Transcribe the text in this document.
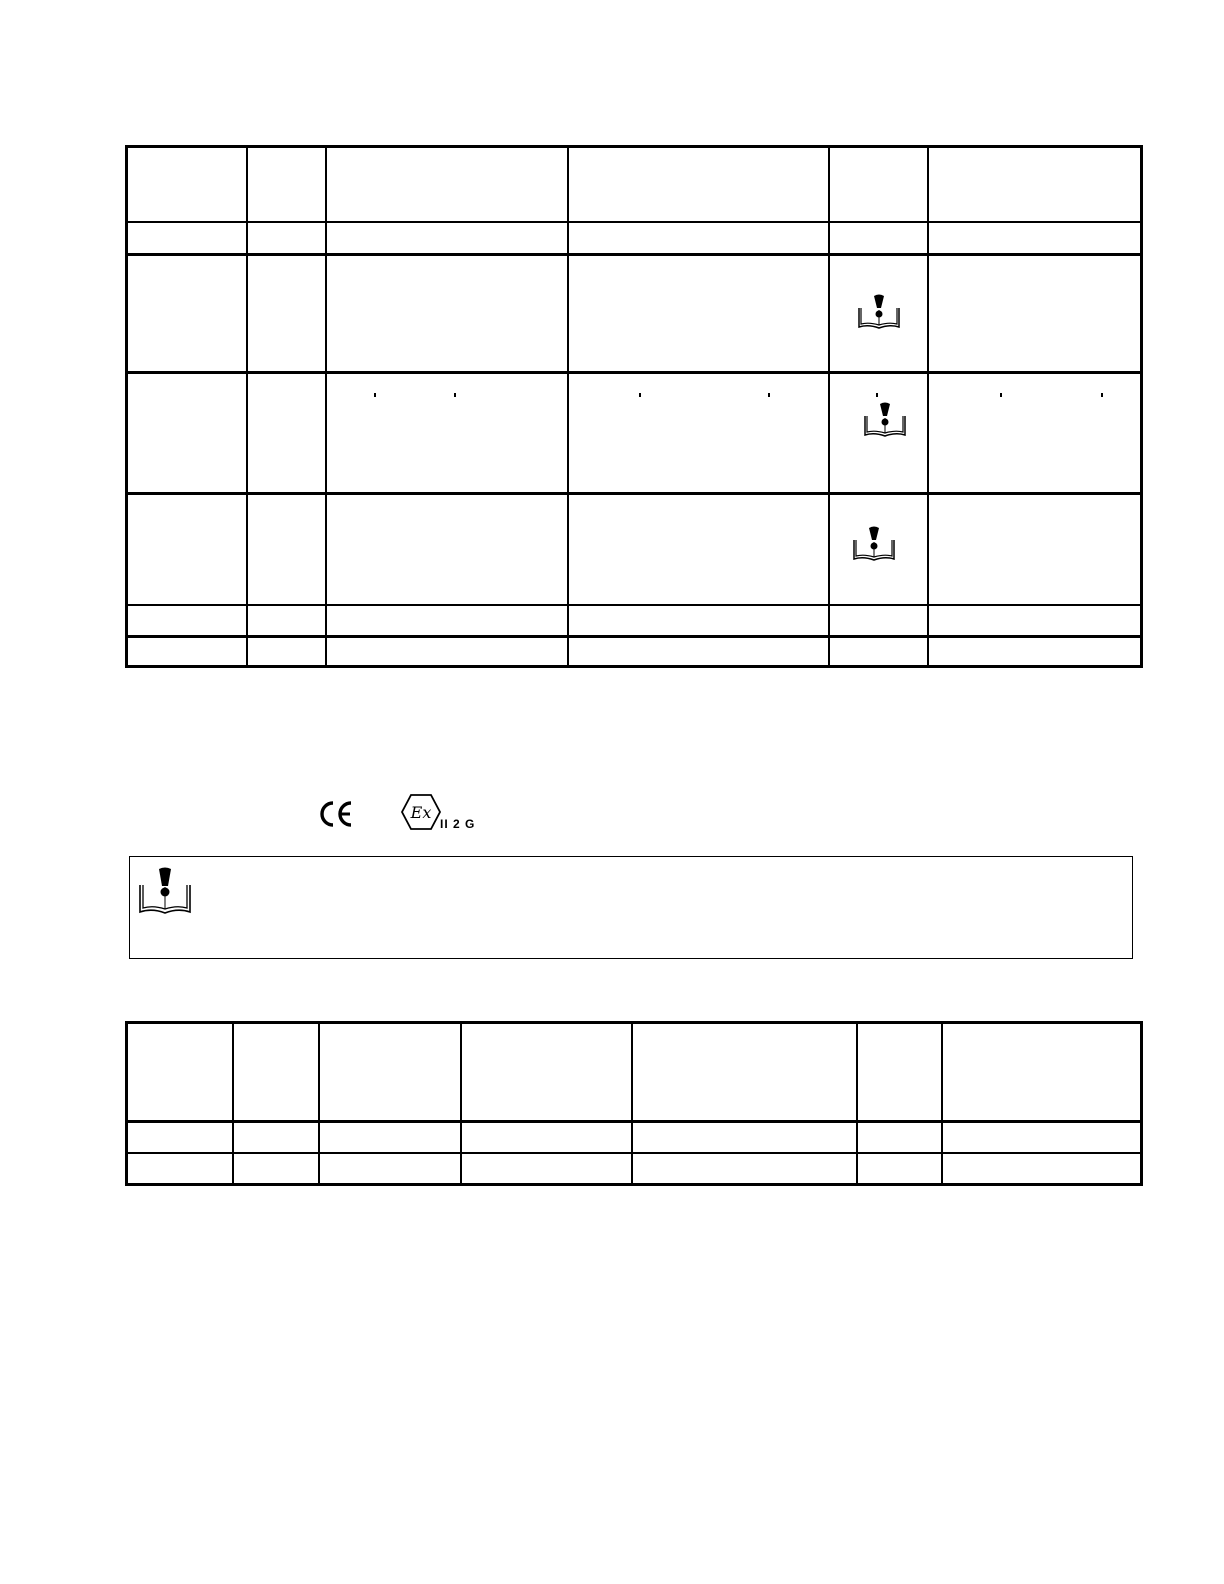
Ex
II 2 G
